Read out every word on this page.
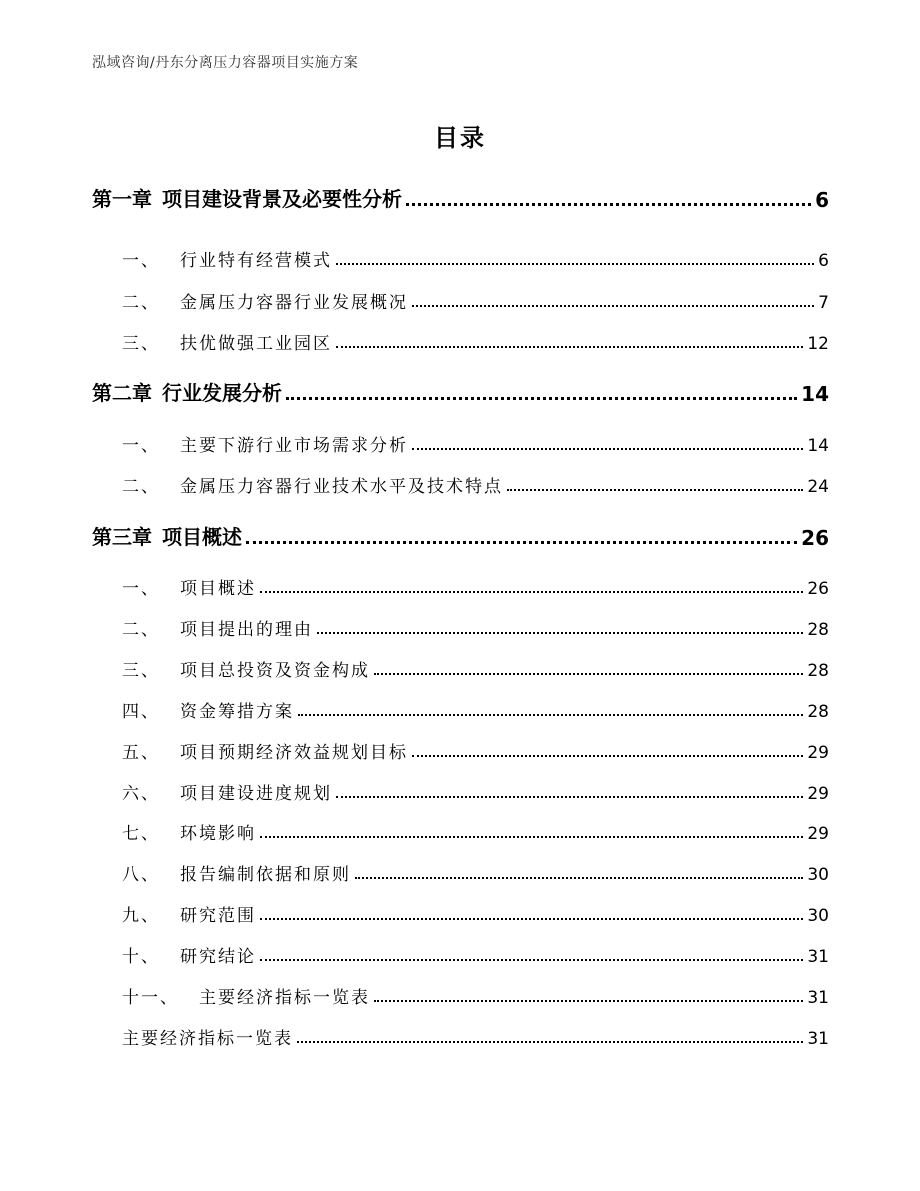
泓域咨询/丹东分离压力容器项目实施方案
目录
第一章 项目建设背景及必要性分析	6
一、 行业特有经营模式	6
二、 金属压力容器行业发展概况	7
三、 扶优做强工业园区	12
第二章 行业发展分析	14
一、 主要下游行业市场需求分析	14
二、 金属压力容器行业技术水平及技术特点	24
第三章 项目概述	26
一、 项目概述	26
二、 项目提出的理由	28
三、 项目总投资及资金构成	28
四、 资金筹措方案	28
五、 项目预期经济效益规划目标	29
六、 项目建设进度规划	29
七、 环境影响	29
八、 报告编制依据和原则	30
九、 研究范围	30
十、 研究结论	31
十一、 主要经济指标一览表	31
主要经济指标一览表	31
